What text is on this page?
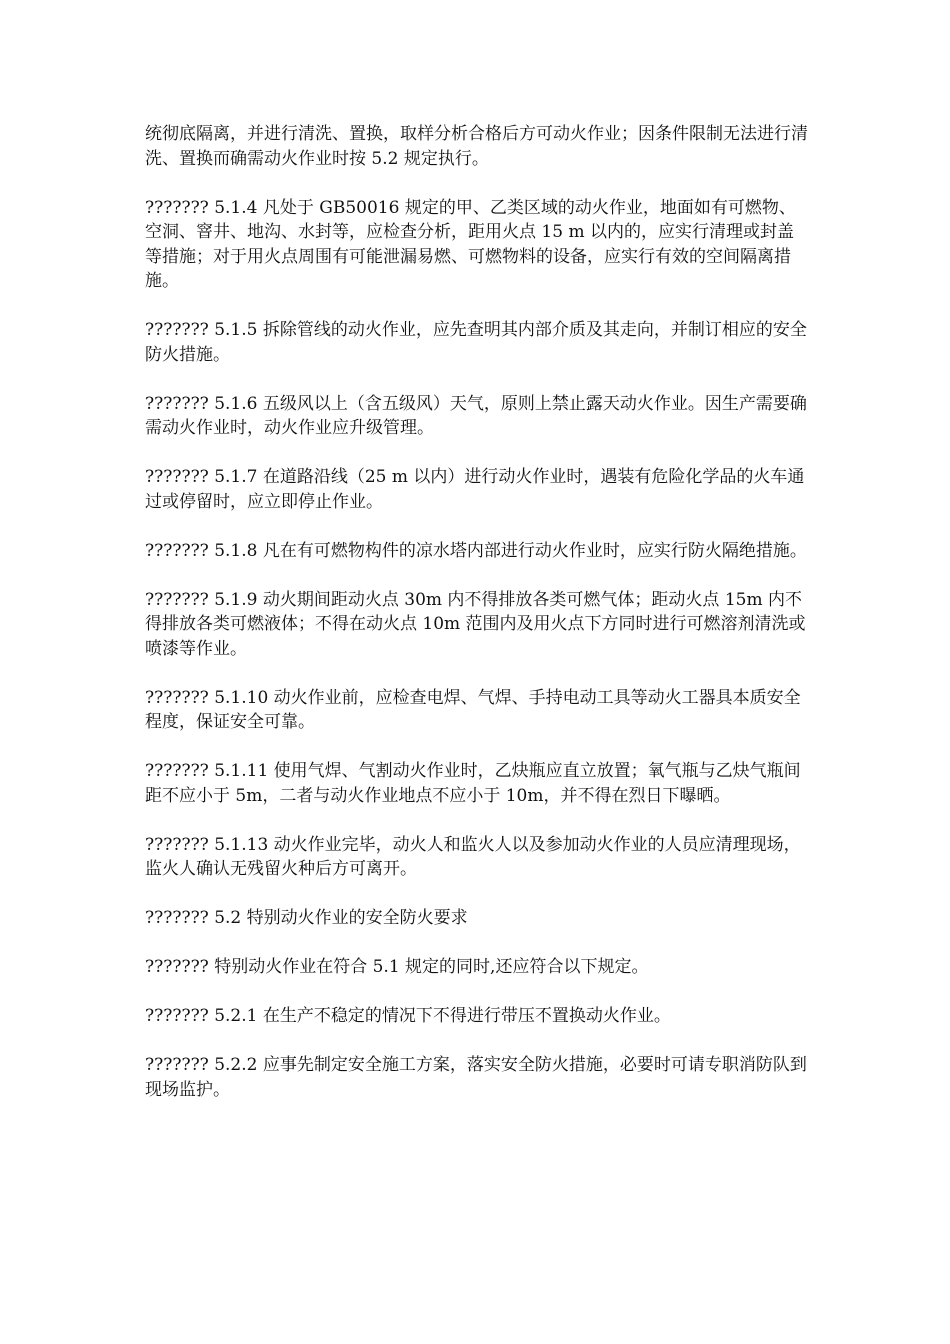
统彻底隔离，并进行清洗、置换，取样分析合格后方可动火作业；因条件限制无法进行清洗、置换而确需动火作业时按 5.2 规定执行。

??????? 5.1.4 凡处于 GB50016 规定的甲、乙类区域的动火作业，地面如有可燃物、空洞、窨井、地沟、水封等，应检查分析，距用火点 15 m 以内的，应实行清理或封盖等措施；对于用火点周围有可能泄漏易燃、可燃物料的设备，应实行有效的空间隔离措施。

??????? 5.1.5 拆除管线的动火作业，应先查明其内部介质及其走向，并制订相应的安全防火措施。

??????? 5.1.6 五级风以上（含五级风）天气，原则上禁止露天动火作业。因生产需要确需动火作业时，动火作业应升级管理。

??????? 5.1.7 在道路沿线（25 m 以内）进行动火作业时，遇装有危险化学品的火车通过或停留时，应立即停止作业。

??????? 5.1.8 凡在有可燃物构件的凉水塔内部进行动火作业时，应实行防火隔绝措施。

??????? 5.1.9 动火期间距动火点 30m 内不得排放各类可燃气体；距动火点 15m 内不得排放各类可燃液体；不得在动火点 10m 范围内及用火点下方同时进行可燃溶剂清洗或喷漆等作业。

??????? 5.1.10 动火作业前，应检查电焊、气焊、手持电动工具等动火工器具本质安全程度，保证安全可靠。

??????? 5.1.11 使用气焊、气割动火作业时，乙炔瓶应直立放置；氧气瓶与乙炔气瓶间距不应小于 5m，二者与动火作业地点不应小于 10m，并不得在烈日下曝晒。

??????? 5.1.13 动火作业完毕，动火人和监火人以及参加动火作业的人员应清理现场，监火人确认无残留火种后方可离开。

??????? 5.2 特别动火作业的安全防火要求

??????? 特别动火作业在符合 5.1 规定的同时,还应符合以下规定。

??????? 5.2.1 在生产不稳定的情况下不得进行带压不置换动火作业。

??????? 5.2.2 应事先制定安全施工方案，落实安全防火措施，必要时可请专职消防队到现场监护。
